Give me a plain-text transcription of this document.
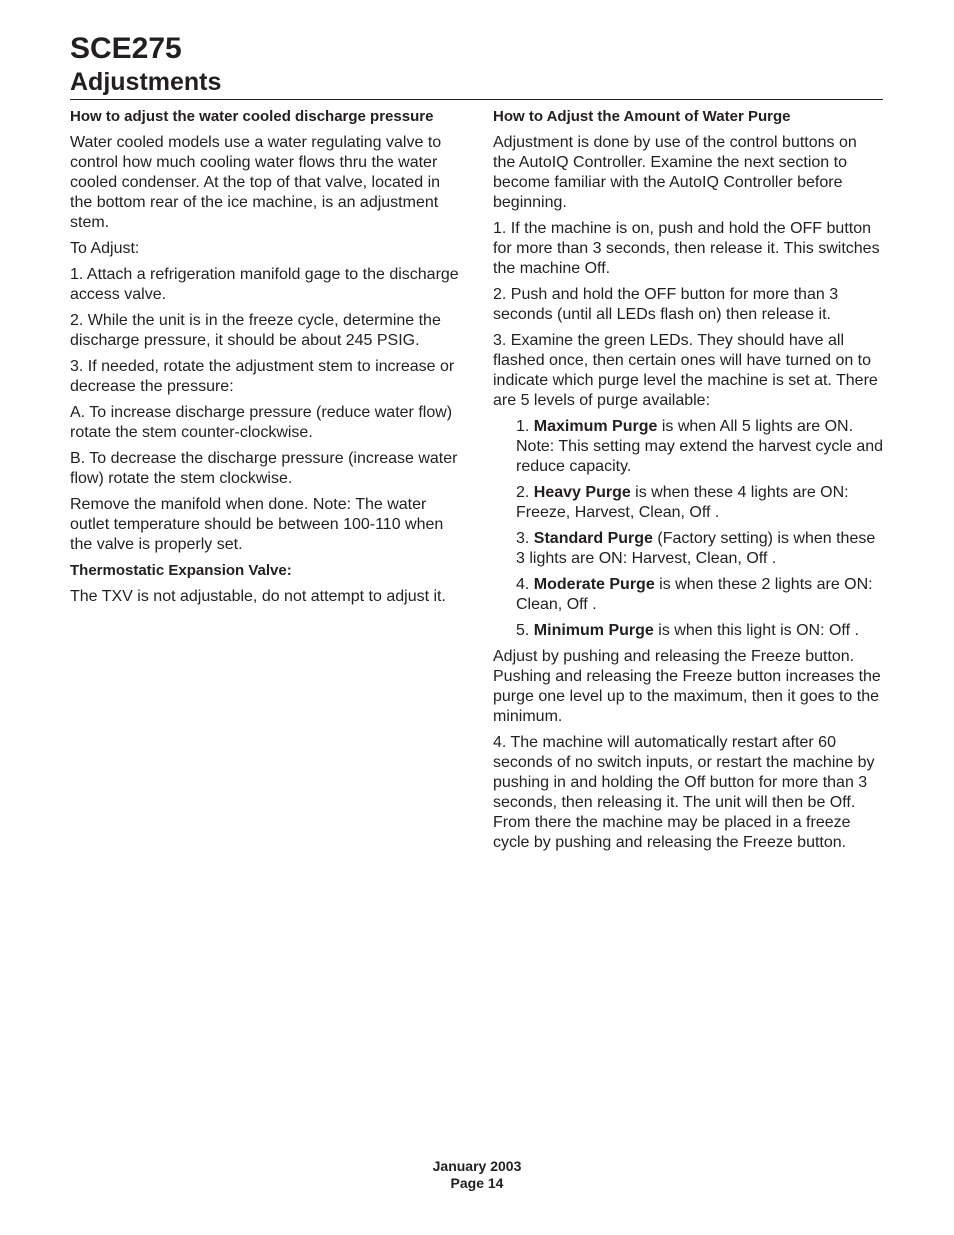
SCE275
Adjustments
How to adjust the water cooled discharge pressure

Water cooled models use a water regulating valve to control how much cooling water flows thru the water cooled condenser. At the top of that valve, located in the bottom rear of the ice machine, is an adjustment stem.

To Adjust:

1. Attach a refrigeration manifold gage to the discharge access valve.

2. While the unit is in the freeze cycle, determine the discharge pressure, it should be about 245 PSIG.

3. If needed, rotate the adjustment stem to increase or decrease the pressure:

A. To increase discharge pressure (reduce water flow) rotate the stem counter-clockwise.

B. To decrease the discharge pressure (increase water flow) rotate the stem clockwise.

Remove the manifold when done. Note: The water outlet temperature should be between 100-110 when the valve is properly set.

Thermostatic Expansion Valve:

The TXV is not adjustable, do not attempt to adjust it.

How to Adjust the Amount of Water Purge

Adjustment is done by use of the control buttons on the AutoIQ Controller. Examine the next section to become familiar with the AutoIQ Controller before beginning.

1. If the machine is on, push and hold the OFF button for more than 3 seconds, then release it. This switches the machine Off.

2. Push and hold the OFF button for more than 3 seconds (until all LEDs flash on) then release it.

3. Examine the green LEDs. They should have all flashed once, then certain ones will have turned on to indicate which purge level the machine is set at. There are 5 levels of purge available:

1. Maximum Purge is when All 5 lights are ON. Note: This setting may extend the harvest cycle and reduce capacity.

2. Heavy Purge is when these 4 lights are ON: Freeze, Harvest, Clean, Off .

3. Standard Purge (Factory setting) is when these 3 lights are ON: Harvest, Clean, Off .

4. Moderate Purge is when these 2 lights are ON: Clean, Off .

5. Minimum Purge is when this light is ON: Off .

Adjust by pushing and releasing the Freeze button. Pushing and releasing the Freeze button increases the purge one level up to the maximum, then it goes to the minimum.

4. The machine will automatically restart after 60 seconds of no switch inputs, or restart the machine by pushing in and holding the Off button for more than 3 seconds, then releasing it. The unit will then be Off. From there the machine may be placed in a freeze cycle by pushing and releasing the Freeze button.

January 2003
Page 14
